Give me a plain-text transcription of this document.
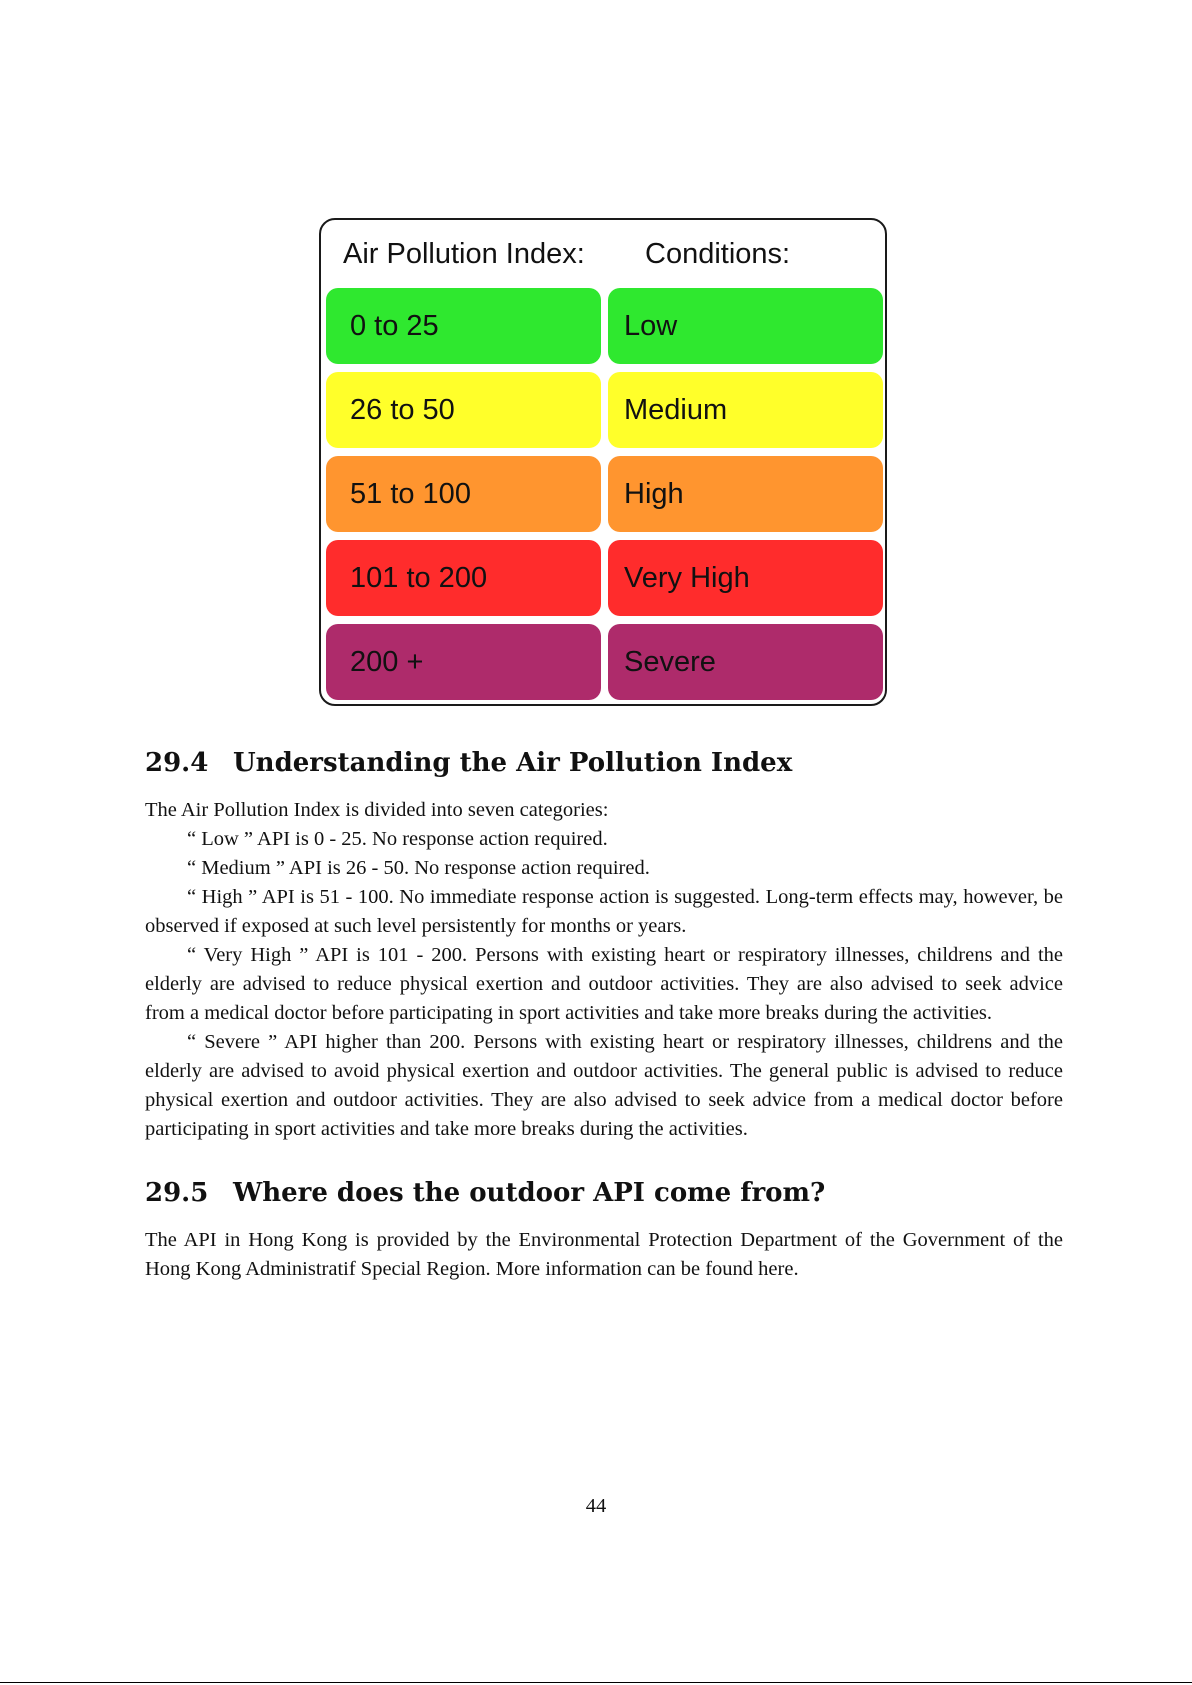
Air Pollution Index: Conditions:
0 to 25	Low
26 to 50	Medium
51 to 100	High
101 to 200	Very High
200 +	Severe
29.4 Understanding the Air Pollution Index

The Air Pollution Index is divided into seven categories:

“ Low ” API is 0 - 25. No response action required.

“ Medium ” API is 26 - 50. No response action required.

“ High ” API is 51 - 100. No immediate response action is suggested. Long-term effects may, however, be observed if exposed at such level persistently for months or years.

“ Very High ” API is 101 - 200. Persons with existing heart or respiratory illnesses, childrens and the elderly are advised to reduce physical exertion and outdoor activities. They are also advised to seek advice from a medical doctor before participating in sport activities and take more breaks during the activities.

“ Severe ” API higher than 200. Persons with existing heart or respiratory illnesses, childrens and the elderly are advised to avoid physical exertion and outdoor activities. The general public is advised to reduce physical exertion and outdoor activities. They are also advised to seek advice from a medical doctor before participating in sport activities and take more breaks during the activities.

29.5 Where does the outdoor API come from?

The API in Hong Kong is provided by the Environmental Protection Department of the Government of the Hong Kong Administratif Special Region. More information can be found here.

44
